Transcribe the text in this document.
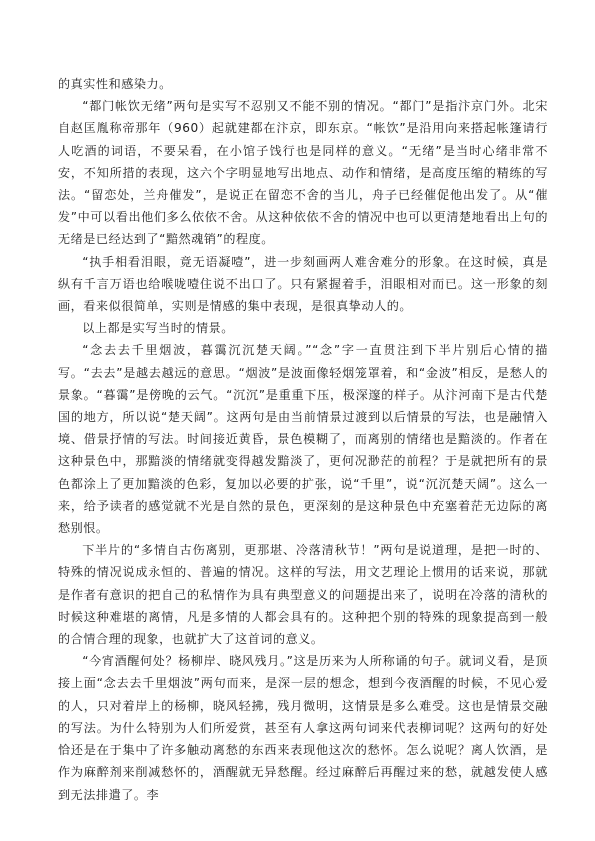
的真实性和感染力。

“都门帐饮无绪”两句是实写不忍别又不能不别的情况。“都门”是指汴京门外。北宋自赵匡胤称帝那年（960）起就建都在汴京，即东京。“帐饮”是沿用向来搭起帐篷请行人吃酒的词语，不要呆看，在小馆子饯行也是同样的意义。“无绪”是当时心绪非常不安，不知所措的表现，这六个字明显地写出地点、动作和情绪，是高度压缩的精练的写法。“留恋处，兰舟催发”，是说正在留恋不舍的当儿，舟子已经催促他出发了。从“催发”中可以看出他们多么依依不舍。从这种依依不舍的情况中也可以更清楚地看出上句的无绪是已经达到了“黯然魂销”的程度。

“执手相看泪眼，竟无语凝噎”，进一步刻画两人难舍难分的形象。在这时候，真是纵有千言万语也给喉咙噎住说不出口了。只有紧握着手，泪眼相对而已。这一形象的刻画，看来似很简单，实则是情感的集中表现，是很真挚动人的。

以上都是实写当时的情景。

“念去去千里烟波，暮霭沉沉楚天阔。”“念”字一直贯注到下半片别后心情的描写。“去去”是越去越远的意思。“烟波”是波面像轻烟笼罩着，和“金波”相反，是愁人的景象。“暮霭”是傍晚的云气。“沉沉”是重重下压，极深邃的样子。从汴河南下是古代楚国的地方，所以说“楚天阔”。这两句是由当前情景过渡到以后情景的写法，也是融情入境、借景抒情的写法。时间接近黄昏，景色模糊了，而离别的情绪也是黯淡的。作者在这种景色中，那黯淡的情绪就变得越发黯淡了，更何况渺茫的前程？于是就把所有的景色都涂上了更加黯淡的色彩，复加以必要的扩张，说“千里”，说“沉沉楚天阔”。这么一来，给予读者的感觉就不光是自然的景色，更深刻的是这种景色中充塞着茫无边际的离愁别恨。

下半片的“多情自古伤离别，更那堪、冷落清秋节！”两句是说道理，是把一时的、特殊的情况说成永恒的、普遍的情况。这样的写法，用文艺理论上惯用的话来说，那就是作者有意识的把自己的私情作为具有典型意义的问题提出来了，说明在冷落的清秋的时候这种难堪的离情，凡是多情的人都会具有的。这种把个别的特殊的现象提高到一般的合情合理的现象，也就扩大了这首词的意义。

“今宵酒醒何处？杨柳岸、晓风残月。”这是历来为人所称诵的句子。就词义看，是顶接上面“念去去千里烟波”两句而来，是深一层的想念，想到今夜酒醒的时候，不见心爱的人，只对着岸上的杨柳，晓风轻拂，残月微明，这情景是多么难受。这也是情景交融的写法。为什么特别为人们所爱赏，甚至有人拿这两句词来代表柳词呢？这两句的好处恰还是在于集中了许多触动离愁的东西来表现他这次的愁怀。怎么说呢？离人饮酒，是作为麻醉剂来削减愁怀的，酒醒就无异愁醒。经过麻醉后再醒过来的愁，就越发使人感到无法排遣了。李
